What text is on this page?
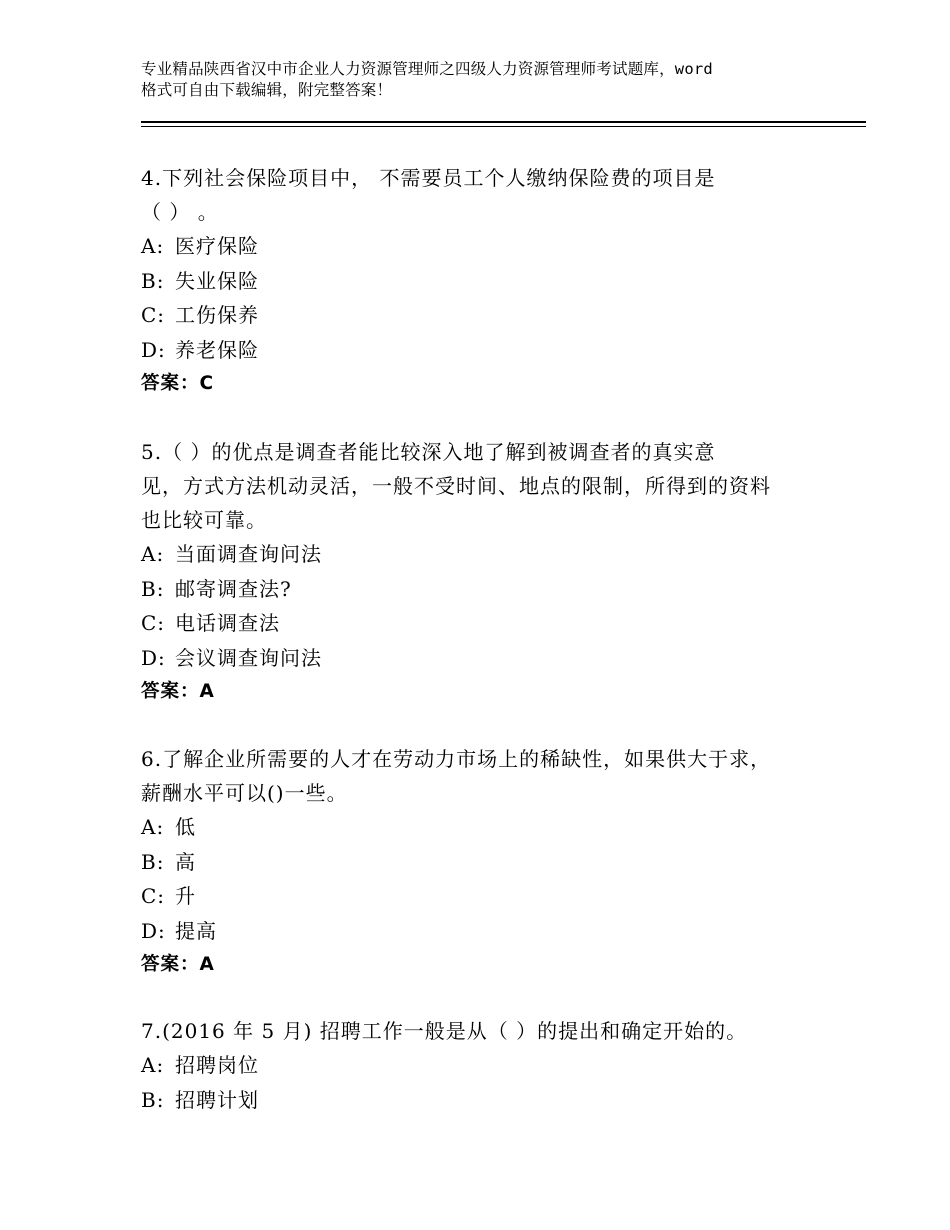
专业精品陕西省汉中市企业人力资源管理师之四级人力资源管理师考试题库，word
格式可自由下载编辑，附完整答案！
4.下列社会保险项目中， 不需要员工个人缴纳保险费的项目是
（ ） 。
A: 医疗保险
B: 失业保险
C: 工伤保养
D: 养老保险
答案：C
5.（ ）的优点是调查者能比较深入地了解到被调查者的真实意
见，方式方法机动灵活，一般不受时间、地点的限制，所得到的资料
也比较可靠。
A: 当面调查询问法
B: 邮寄调查法?
C: 电话调查法
D: 会议调查询问法
答案：A
6.了解企业所需要的人才在劳动力市场上的稀缺性，如果供大于求，
薪酬水平可以()一些。
A: 低
B: 高
C: 升
D: 提高
答案：A
7.(2016 年 5 月) 招聘工作一般是从（ ）的提出和确定开始的。
A: 招聘岗位
B: 招聘计划
